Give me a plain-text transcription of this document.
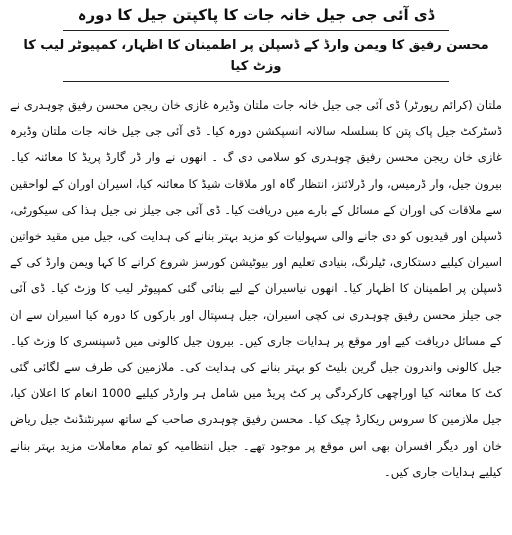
ڈی آئی جی جیل خانہ جات کا پاکپتن جیل کا دورہ
محسن رفیق کا ویمن وارڈ کے ڈسپلن پر اطمینان کا اظہار، کمپیوٹر لیب کا وزٹ کیا

ملتان (کرائم رپورٹر) ڈی آئی جی جیل خانہ جات ملتان وڈیرہ غازی خان ریجن محسن رفیق چوہدری نے ڈسٹرکٹ جیل پاک پتن کا بسلسلہ سالانہ انسپکشن دورہ کیا۔ ڈی آئی جی جیل خانہ جات ملتان وڈیرہ غازی خان ریجن محسن رفیق چوہدری کو سلامی دی گ ۔ انھوں نے وار ڈر گارڈ پریڈ کا معائنہ کیا۔ بیرون جیل، وار ڈرمیس، وار ڈرلائنز، انتظار گاہ اور ملاقات شیڈ کا معائنہ کیا، اسیران اوران کے لواحقین سے ملاقات کی اوران کے مسائل کے بارے میں دریافت کیا۔ ڈی آئی جی جیلز نی جیل ہذا کی سیکورٹی، ڈسپلن اور قیدیوں کو دی جانے والی سہولیات کو مزید بہتر بنانے کی ہدایت کی، جیل میں مقید خواتین اسیران کیلیے دستکاری، ٹیلرنگ، بنیادی تعلیم اور بیوٹیشن کورسز شروع کرانے کا کہا ویمن وارڈ کی کے ڈسپلن پر اطمینان کا اظہار کیا۔ انھوں نیاسیران کے لیے بنائی گئی کمپیوٹر لیب کا وزٹ کیا۔ ڈی آئی جی جیلز محسن رفیق چوہدری نی کچی اسیران، جیل ہسپتال اور بارکوں کا دورہ کیا اسیران سے ان کے مسائل دریافت کیے اور موقع پر ہدایات جاری کیں۔ بیرون جیل کالونی میں ڈسپنسری کا وزٹ کیا۔ جیل کالونی واندرون جیل گرین بلیٹ کو بہتر بنانے کی ہدایت کی۔ ملازمین کی طرف سے لگائی گئی کٹ کا معائنہ کیا اوراچھی کارکردگی پر کٹ پریڈ میں شامل ہر وارڈر کیلیے 1000 انعام کا اعلان کیا، جیل ملازمین کا سروس ریکارڈ چیک کیا۔ محسن رفیق چوہدری صاحب کے ساتھ سپرنٹنڈنٹ جیل ریاض خان اور دیگر افسران بھی اس موقع پر موجود تھے۔ جیل انتظامیہ کو تمام معاملات مزید بہتر بنانے کیلیے ہدایات جاری کیں۔
